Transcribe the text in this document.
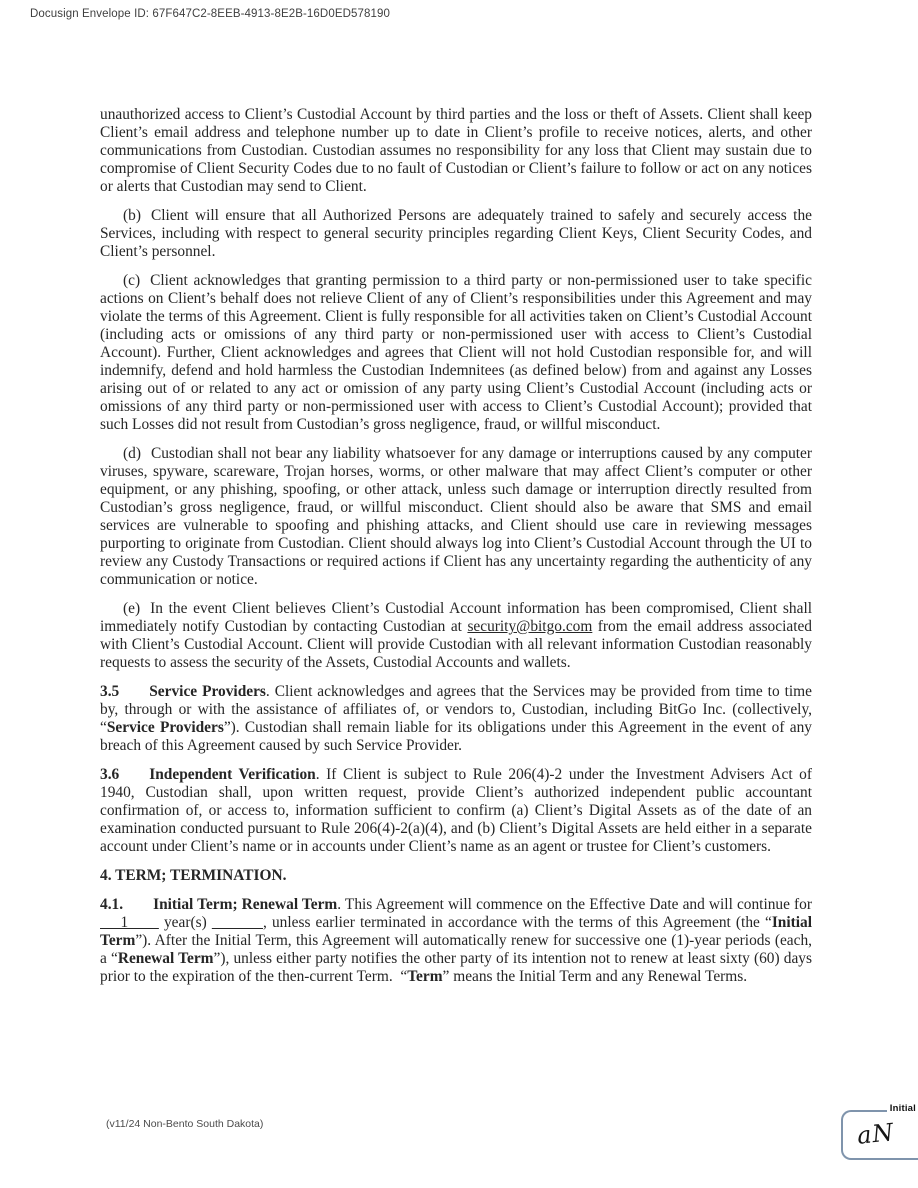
Docusign Envelope ID: 67F647C2-8EEB-4913-8E2B-16D0ED578190

unauthorized access to Client’s Custodial Account by third parties and the loss or theft of Assets. Client shall keep Client’s email address and telephone number up to date in Client’s profile to receive notices, alerts, and other communications from Custodian. Custodian assumes no responsibility for any loss that Client may sustain due to compromise of Client Security Codes due to no fault of Custodian or Client’s failure to follow or act on any notices or alerts that Custodian may send to Client.

(b) Client will ensure that all Authorized Persons are adequately trained to safely and securely access the Services, including with respect to general security principles regarding Client Keys, Client Security Codes, and Client’s personnel.

(c) Client acknowledges that granting permission to a third party or non-permissioned user to take specific actions on Client’s behalf does not relieve Client of any of Client’s responsibilities under this Agreement and may violate the terms of this Agreement. Client is fully responsible for all activities taken on Client’s Custodial Account (including acts or omissions of any third party or non-permissioned user with access to Client’s Custodial Account). Further, Client acknowledges and agrees that Client will not hold Custodian responsible for, and will indemnify, defend and hold harmless the Custodian Indemnitees (as defined below) from and against any Losses arising out of or related to any act or omission of any party using Client’s Custodial Account (including acts or omissions of any third party or non-permissioned user with access to Client’s Custodial Account); provided that such Losses did not result from Custodian’s gross negligence, fraud, or willful misconduct.

(d) Custodian shall not bear any liability whatsoever for any damage or interruptions caused by any computer viruses, spyware, scareware, Trojan horses, worms, or other malware that may affect Client’s computer or other equipment, or any phishing, spoofing, or other attack, unless such damage or interruption directly resulted from Custodian’s gross negligence, fraud, or willful misconduct. Client should also be aware that SMS and email services are vulnerable to spoofing and phishing attacks, and Client should use care in reviewing messages purporting to originate from Custodian. Client should always log into Client’s Custodial Account through the UI to review any Custody Transactions or required actions if Client has any uncertainty regarding the authenticity of any communication or notice.

(e) In the event Client believes Client’s Custodial Account information has been compromised, Client shall immediately notify Custodian by contacting Custodian at security@bitgo.com from the email address associated with Client’s Custodial Account. Client will provide Custodian with all relevant information Custodian reasonably requests to assess the security of the Assets, Custodial Accounts and wallets.

3.5 Service Providers. Client acknowledges and agrees that the Services may be provided from time to time by, through or with the assistance of affiliates of, or vendors to, Custodian, including BitGo Inc. (collectively, “Service Providers”). Custodian shall remain liable for its obligations under this Agreement in the event of any breach of this Agreement caused by such Service Provider.

3.6 Independent Verification. If Client is subject to Rule 206(4)-2 under the Investment Advisers Act of 1940, Custodian shall, upon written request, provide Client’s authorized independent public accountant confirmation of, or access to, information sufficient to confirm (a) Client’s Digital Assets as of the date of an examination conducted pursuant to Rule 206(4)-2(a)(4), and (b) Client’s Digital Assets are held either in a separate account under Client’s name or in accounts under Client’s name as an agent or trustee for Client’s customers.

4. TERM; TERMINATION.

4.1. Initial Term; Renewal Term. This Agreement will commence on the Effective Date and will continue for     1       year(s)	, unless earlier terminated in accordance with the terms of this Agreement (the “Initial Term”). After the Initial Term, this Agreement will automatically renew for successive one (1)-year periods (each, a “Renewal Term”), unless either party notifies the other party of its intention not to renew at least sixty (60) days prior to the expiration of the then-current Term.  “Term” means the Initial Term and any Renewal Terms.

(v11/24 Non-Bento South Dakota)
Initial
aN
